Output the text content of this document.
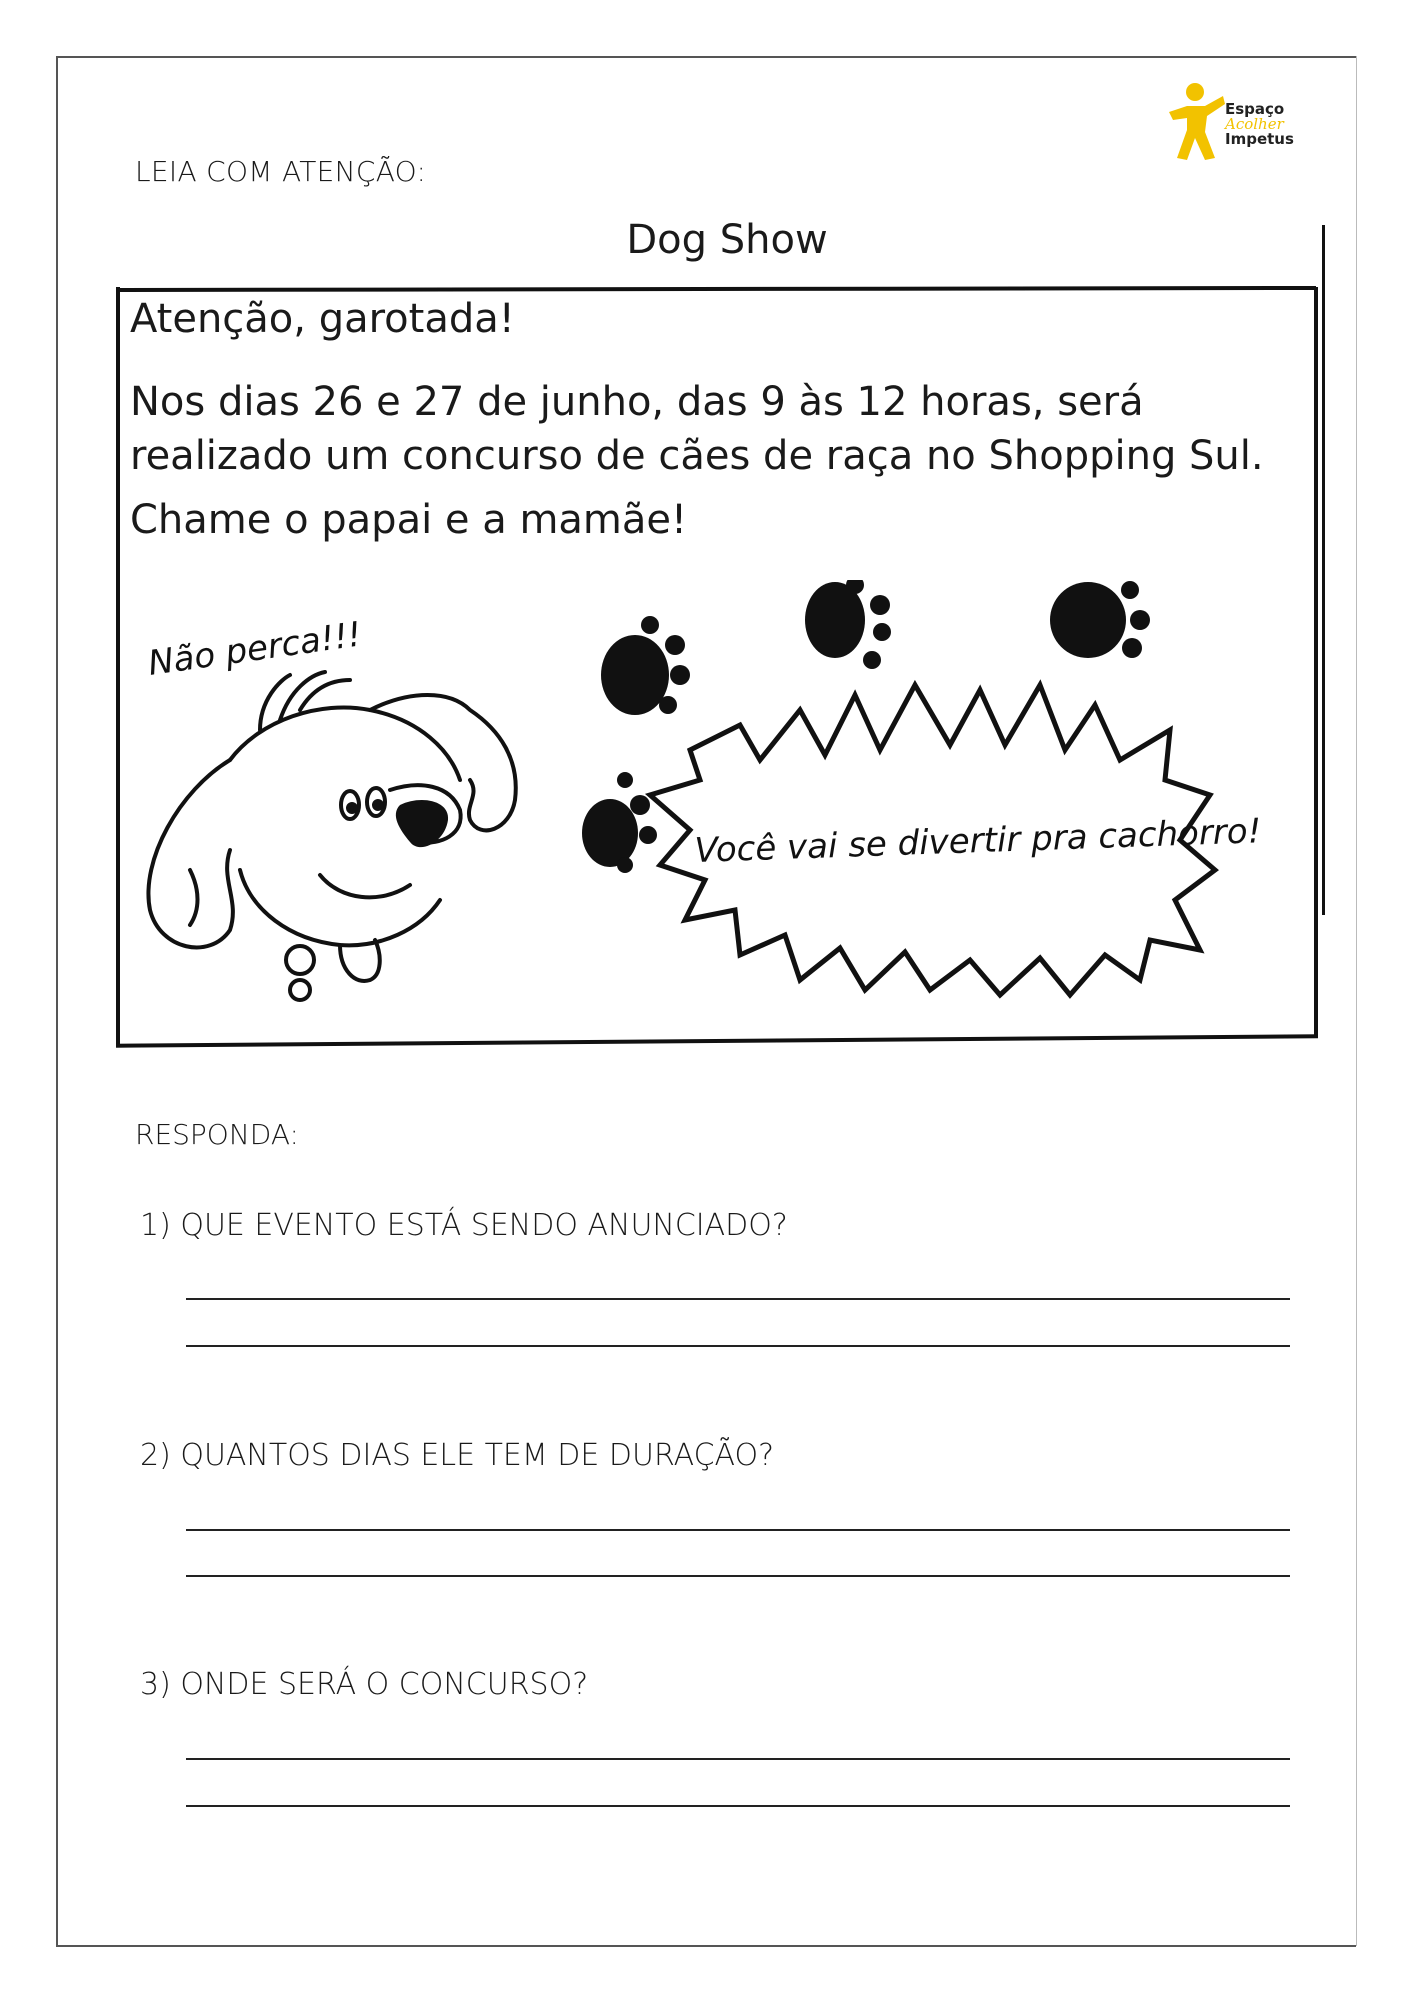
Espaço
Acolher
Impetus
LEIA COM ATENÇÃO:
Dog Show
Atenção, garotada!
Nos dias 26 e 27 de junho, das 9 às 12 horas, será realizado um concurso de cães de raça no Shopping Sul.
Chame o papai e a mamãe!
Não perca!!!
Você vai se divertir pra cachorro!
RESPONDA:
1) QUE EVENTO ESTÁ SENDO ANUNCIADO?
2) QUANTOS DIAS ELE TEM DE DURAÇÃO?
3) ONDE SERÁ O CONCURSO?
